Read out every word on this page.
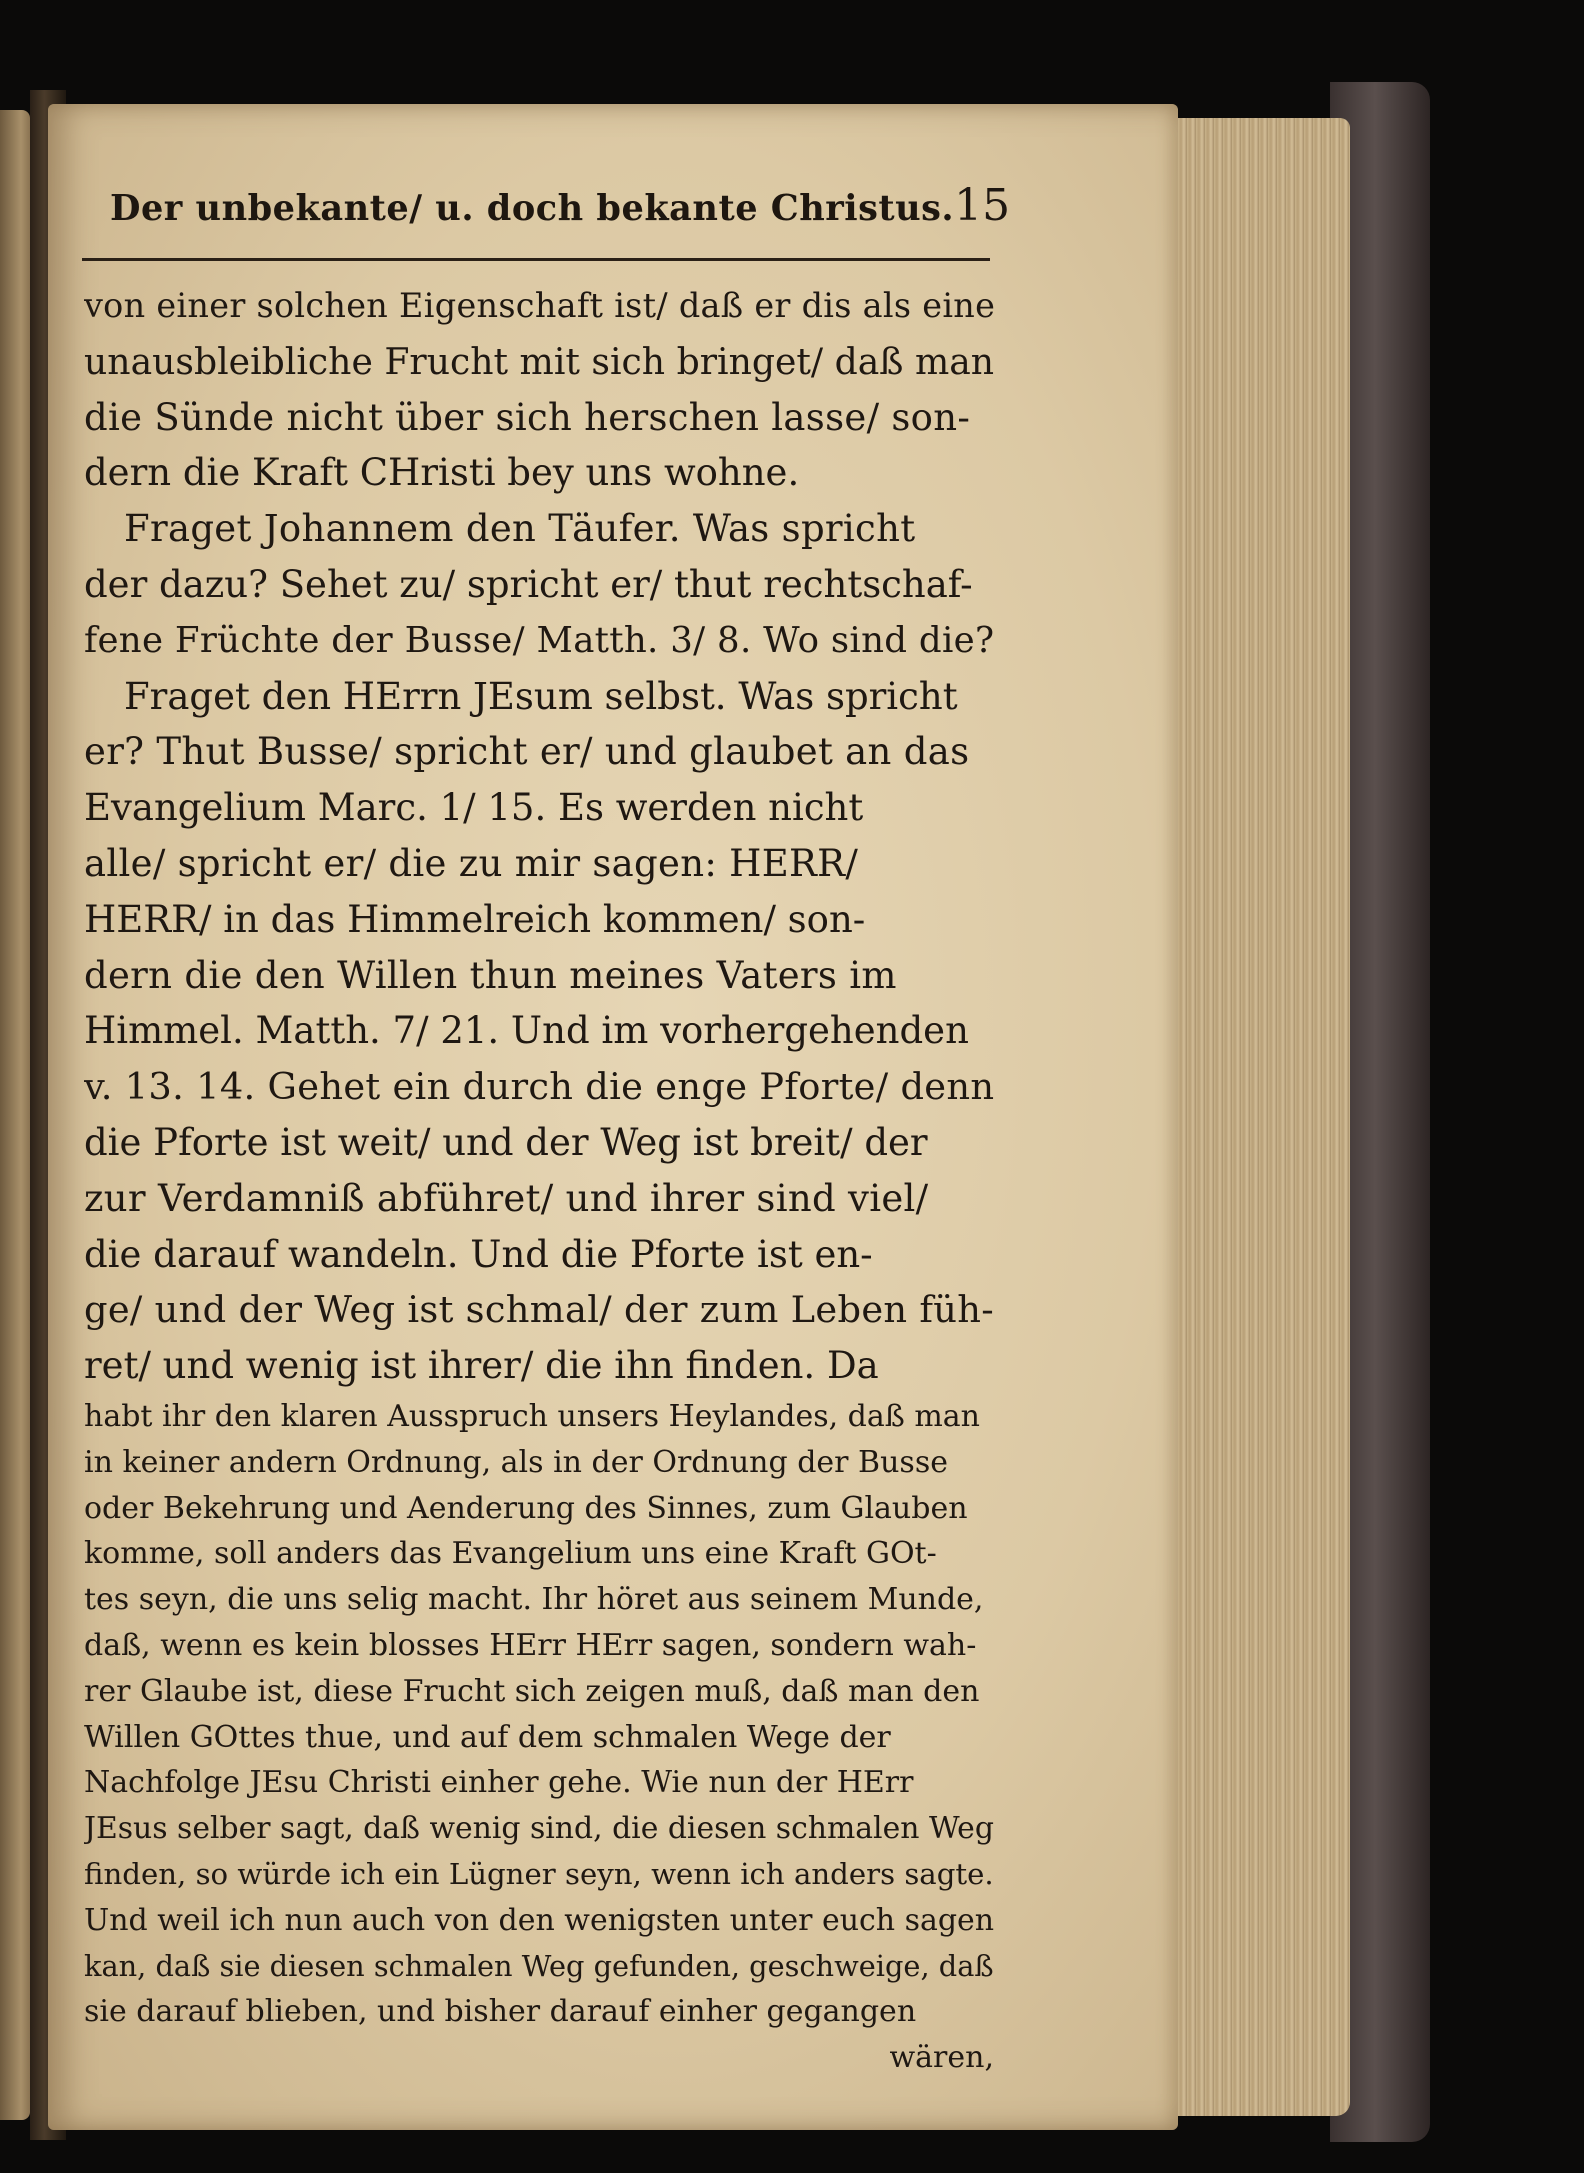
Der unbekante/ u. doch bekante Christus. 15
von einer solchen Eigenschaft ist/ daß er dis als eine
unausbleibliche Frucht mit sich bringet/ daß man
die Sünde nicht über sich herschen lasse/ son-
dern die Kraft CHristi bey uns wohne.
Fraget Johannem den Täufer. Was spricht
der dazu? Sehet zu/ spricht er/ thut rechtschaf-
fene Früchte der Busse/ Matth. 3/ 8. Wo sind die?
Fraget den HErrn JEsum selbst. Was spricht
er? Thut Busse/ spricht er/ und glaubet an das
Evangelium Marc. 1/ 15. Es werden nicht
alle/ spricht er/ die zu mir sagen: HERR/
HERR/ in das Himmelreich kommen/ son-
dern die den Willen thun meines Vaters im
Himmel. Matth. 7/ 21. Und im vorhergehenden
v. 13. 14. Gehet ein durch die enge Pforte/ denn
die Pforte ist weit/ und der Weg ist breit/ der
zur Verdamniß abführet/ und ihrer sind viel/
die darauf wandeln. Und die Pforte ist en-
ge/ und der Weg ist schmal/ der zum Leben füh-
ret/ und wenig ist ihrer/ die ihn finden. Da
habt ihr den klaren Ausspruch unsers Heylandes, daß man
in keiner andern Ordnung, als in der Ordnung der Busse
oder Bekehrung und Aenderung des Sinnes, zum Glauben
komme, soll anders das Evangelium uns eine Kraft GOt-
tes seyn, die uns selig macht. Ihr höret aus seinem Munde,
daß, wenn es kein blosses HErr HErr sagen, sondern wah-
rer Glaube ist, diese Frucht sich zeigen muß, daß man den
Willen GOttes thue, und auf dem schmalen Wege der
Nachfolge JEsu Christi einher gehe. Wie nun der HErr
JEsus selber sagt, daß wenig sind, die diesen schmalen Weg
finden, so würde ich ein Lügner seyn, wenn ich anders sagte.
Und weil ich nun auch von den wenigsten unter euch sagen
kan, daß sie diesen schmalen Weg gefunden, geschweige, daß
sie darauf blieben, und bisher darauf einher gegangen
wären,
